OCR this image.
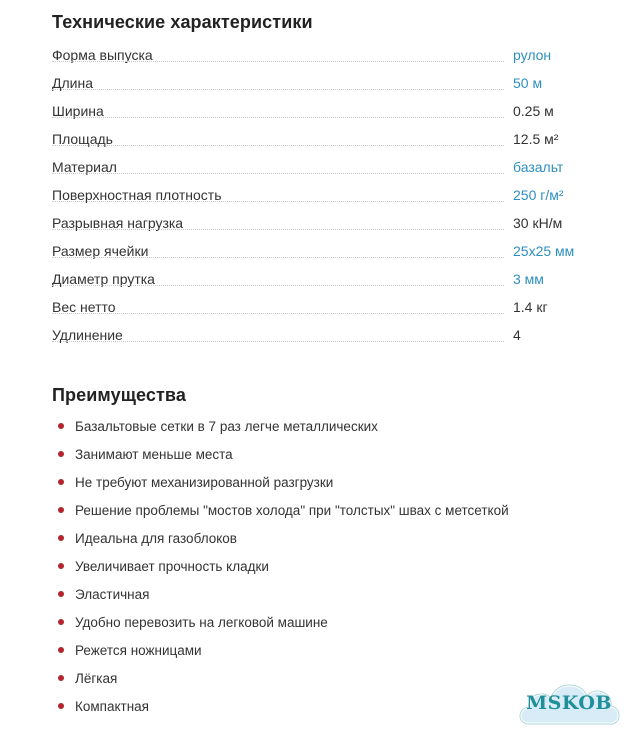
Технические характеристики
Форма выпуска	рулон
Длина	50 м
Ширина	0.25 м
Площадь	12.5 м²
Материал	базальт
Поверхностная плотность	250 г/м²
Разрывная нагрузка	30 кН/м
Размер ячейки	25x25 мм
Диаметр прутка	3 мм
Вес нетто	1.4 кг
Удлинение	4
Преимущества
Базальтовые сетки в 7 раз легче металлических
Занимают меньше места
Не требуют механизированной разгрузки
Решение проблемы "мостов холода" при "толстых" швах с метсеткой
Идеальна для газоблоков
Увеличивает прочность кладки
Эластичная
Удобно перевозить на легковой машине
Режется ножницами
Лёгкая
Компактная	MSKOB
